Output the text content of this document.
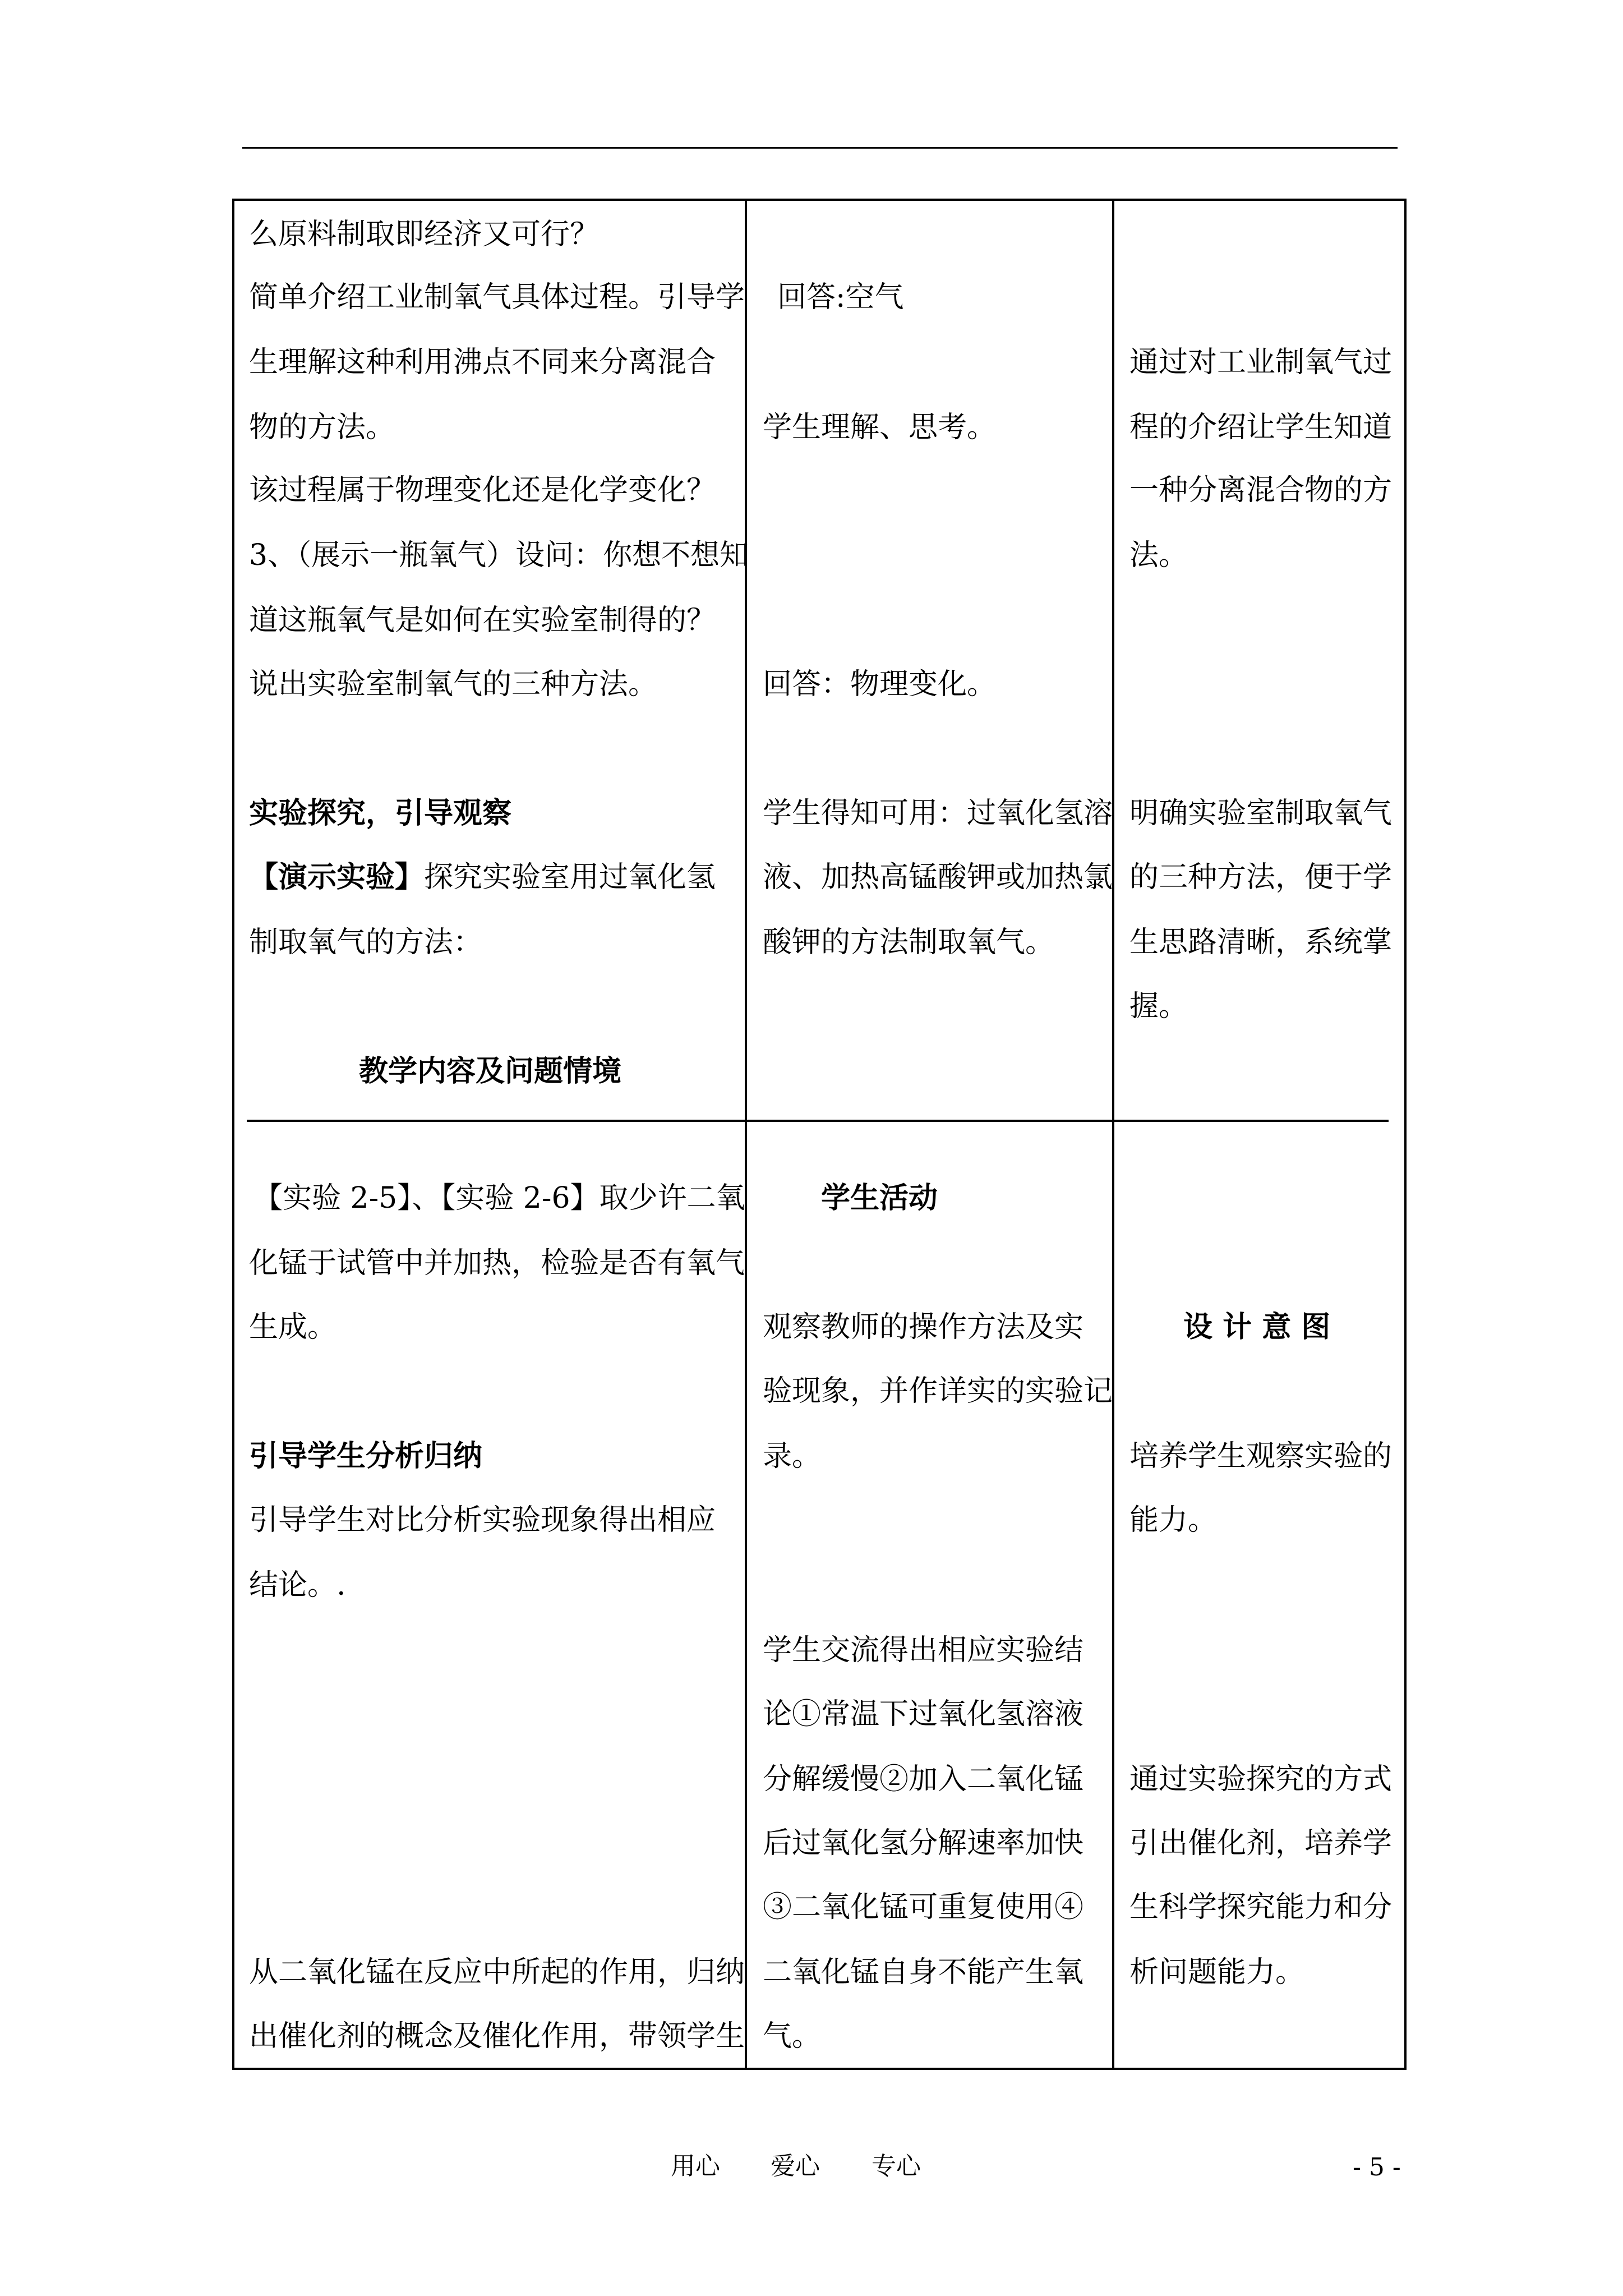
么原料制取即经济又可行？
简单介绍工业制氧气具体过程。引导学
生理解这种利用沸点不同来分离混合
物的方法。
该过程属于物理变化还是化学变化？
3、（展示一瓶氧气）设问：你想不想知
道这瓶氧气是如何在实验室制得的？
说出实验室制氧气的三种方法。
实验探究，引导观察
【演示实验】探究实验室用过氧化氢
制取氧气的方法：
教学内容及问题情境
【实验 2-5】、【实验 2-6】取少许二氧
化锰于试管中并加热，检验是否有氧气
生成。
引导学生分析归纳
引导学生对比分析实验现象得出相应
结论。.
从二氧化锰在反应中所起的作用，归纳
出催化剂的概念及催化作用，带领学生
回答:空气
学生理解、思考。
回答：物理变化。
学生得知可用：过氧化氢溶
液、加热高锰酸钾或加热氯
酸钾的方法制取氧气。
学生活动
观察教师的操作方法及实
验现象，并作详实的实验记
录。
学生交流得出相应实验结
论①常温下过氧化氢溶液
分解缓慢②加入二氧化锰
后过氧化氢分解速率加快
③二氧化锰可重复使用④
二氧化锰自身不能产生氧
气。
通过对工业制氧气过
程的介绍让学生知道
一种分离混合物的方
法。
明确实验室制取氧气
的三种方法，便于学
生思路清晰，系统掌
握。
设 计 意 图
培养学生观察实验的
能力。
通过实验探究的方式
引出催化剂，培养学
生科学探究能力和分
析问题能力。
用心 爱心 专心	- 5 -
